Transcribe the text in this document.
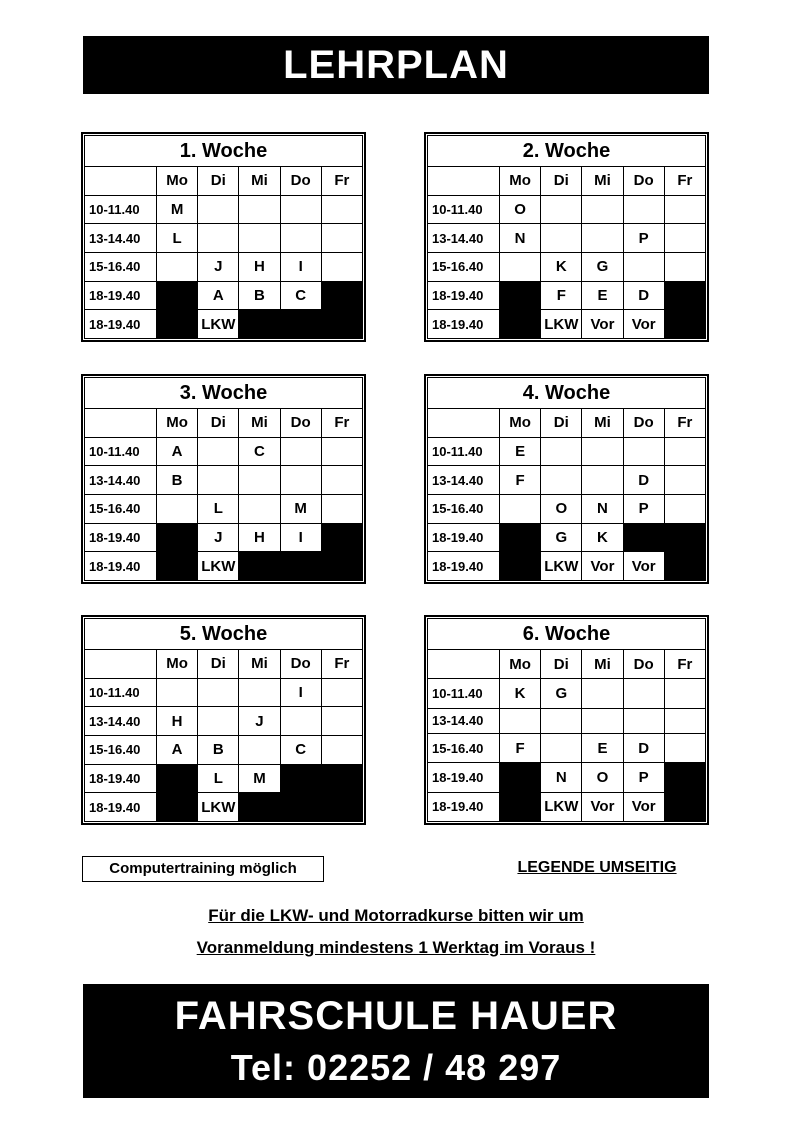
LEHRPLAN
1. Woche					
	Mo	Di	Mi	Do	Fr
10-11.40	M				
13-14.40	L				
15-16.40		J	H	I	
18-19.40		A	B	C	
18-19.40		LKW			
2. Woche					
	Mo	Di	Mi	Do	Fr
10-11.40	O				
13-14.40	N			P	
15-16.40		K	G		
18-19.40		F	E	D	
18-19.40		LKW	Vor	Vor	
3. Woche					
	Mo	Di	Mi	Do	Fr
10-11.40	A		C		
13-14.40	B				
15-16.40		L		M	
18-19.40		J	H	I	
18-19.40		LKW			
4. Woche					
	Mo	Di	Mi	Do	Fr
10-11.40	E				
13-14.40	F			D	
15-16.40		O	N	P	
18-19.40		G	K		
18-19.40		LKW	Vor	Vor	
5. Woche					
	Mo	Di	Mi	Do	Fr
10-11.40				I	
13-14.40	H		J		
15-16.40	A	B		C	
18-19.40		L	M		
18-19.40		LKW			
6. Woche					
	Mo	Di	Mi	Do	Fr
10-11.40	K	G			
13-14.40					
15-16.40	F		E	D	
18-19.40		N	O	P	
18-19.40		LKW	Vor	Vor	
Computertraining möglich	LEGENDE UMSEITIG
Für die LKW- und Motorradkurse bitten wir um
Voranmeldung mindestens 1 Werktag im Voraus !
FAHRSCHULE HAUER
Tel: 02252 / 48 297
